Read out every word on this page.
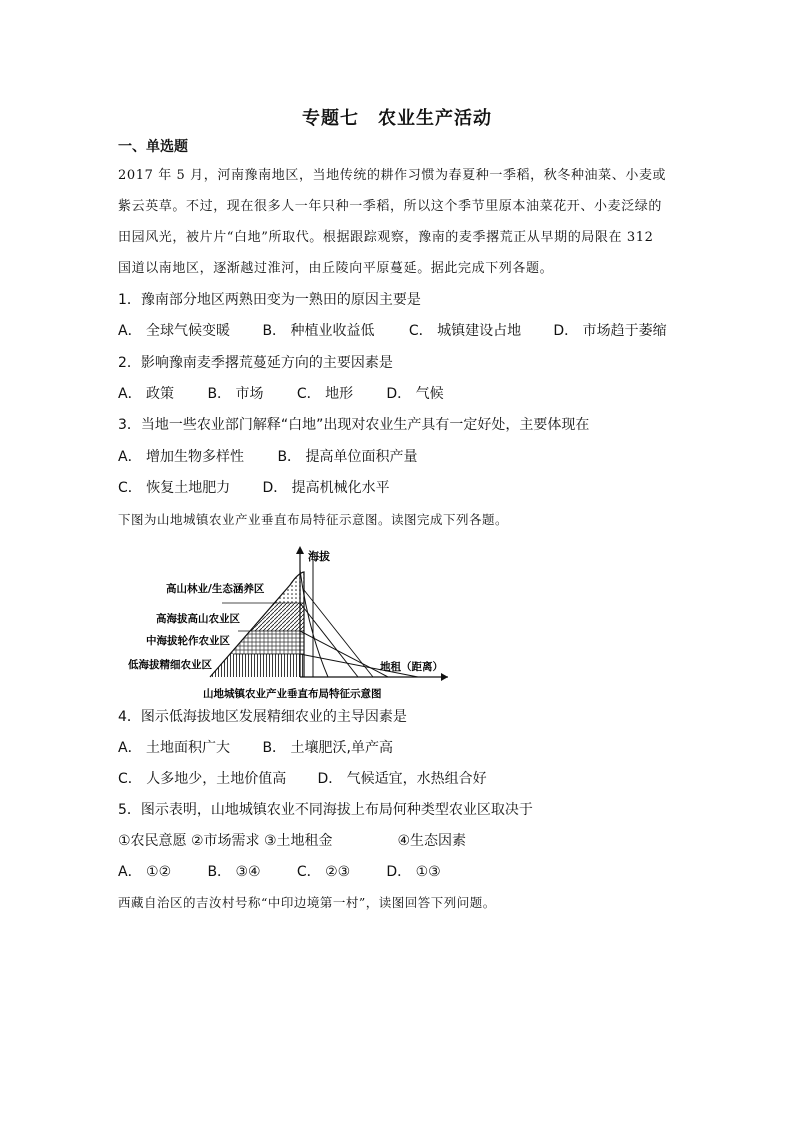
专题七　农业生产活动
一、单选题
2017 年 5 月，河南豫南地区，当地传统的耕作习惯为春夏种一季稻，秋冬种油菜、小麦或
紫云英草。不过，现在很多人一年只种一季稻，所以这个季节里原本油菜花开、小麦泛绿的
田园风光，被片片“白地”所取代。根据跟踪观察，豫南的麦季撂荒正从早期的局限在 312
国道以南地区，逐渐越过淮河，由丘陵向平原蔓延。据此完成下列各题。
1．豫南部分地区两熟田变为一熟田的原因主要是
A． 全球气候变暖 B． 种植业收益低 C． 城镇建设占地 D． 市场趋于萎缩
2．影响豫南麦季撂荒蔓延方向的主要因素是
A． 政策 B． 市场 C． 地形 D． 气候
3．当地一些农业部门解释“白地”出现对农业生产具有一定好处，主要体现在
A． 增加生物多样性 B． 提高单位面积产量
C． 恢复土地肥力 D． 提高机械化水平
下图为山地城镇农业产业垂直布局特征示意图。读图完成下列各题。
海拔
地租（距离）
高山林业/生态涵养区
高海拔高山农业区
中海拔轮作农业区
低海拔精细农业区
山地城镇农业产业垂直布局特征示意图
4．图示低海拔地区发展精细农业的主导因素是
A． 土地面积广大 B． 土壤肥沃,单产高
C． 人多地少，土地价值高 D． 气候适宜，水热组合好
5．图示表明，山地城镇农业不同海拔上布局何种类型农业区取决于
①农民意愿 ②市场需求 ③土地租金	④生态因素
A． ①②	B． ③④	C． ②③	D． ①③
西藏自治区的吉汝村号称“中印边境第一村”，读图回答下列问题。
